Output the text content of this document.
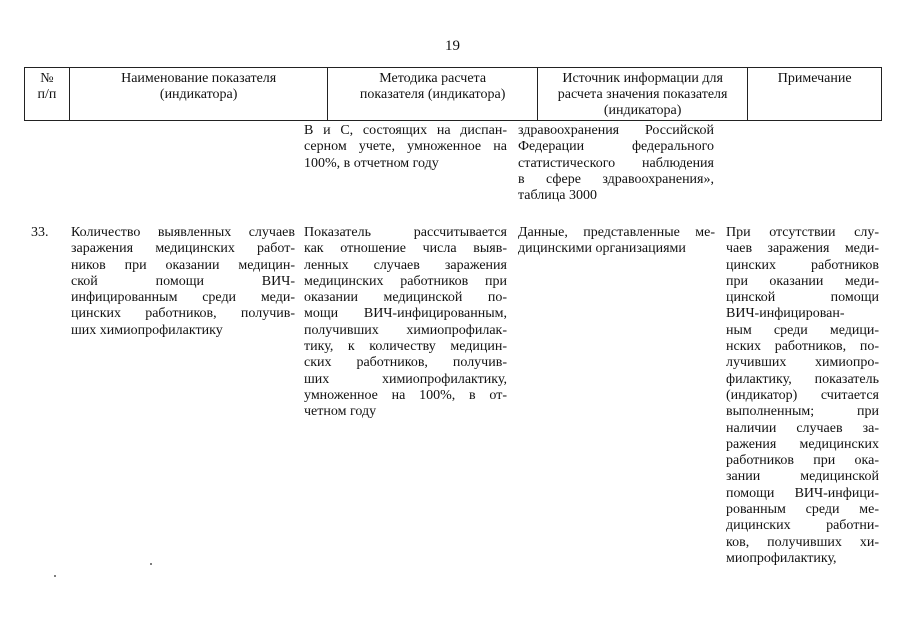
19
№ п/п
Наименование показателя (индикатора)
Методика расчета показателя (индикатора)
Источник информации для расчета значения показателя (индикатора)
Примечание
В и С, состоящих на диспан-
серном учете, умноженное на
100%, в отчетном году
здравоохранения Российской
Федерации федерального
статистического наблюдения
в сфере здравоохранения»,
таблица 3000
33. Количество выявленных случаев
заражения медицинских работ-
ников при оказании медицин-
ской помощи ВИЧ-
инфицированным среди меди-
цинских работников, получив-
ших химиопрофилактику
Показатель рассчитывается
как отношение числа выяв-
ленных случаев заражения
медицинских работников при
оказании медицинской по-
мощи ВИЧ-инфицированным,
получивших химиопрофилак-
тику, к количеству медицин-
ских работников, получив-
ших химиопрофилактику,
умноженное на 100%, в от-
четном году
Данные, представленные ме-
дицинскими организациями
При отсутствии слу-
чаев заражения меди-
цинских работников
при оказании меди-
цинской помощи
ВИЧ-инфицирован-
ным среди медици-
нских работников, по-
лучивших химиопро-
филактику, показатель
(индикатор) считается
выполненным; при
наличии случаев за-
ражения медицинских
работников при ока-
зании медицинской
помощи ВИЧ-инфици-
рованным среди ме-
дицинских работни-
ков, получивших хи-
миопрофилактику,
